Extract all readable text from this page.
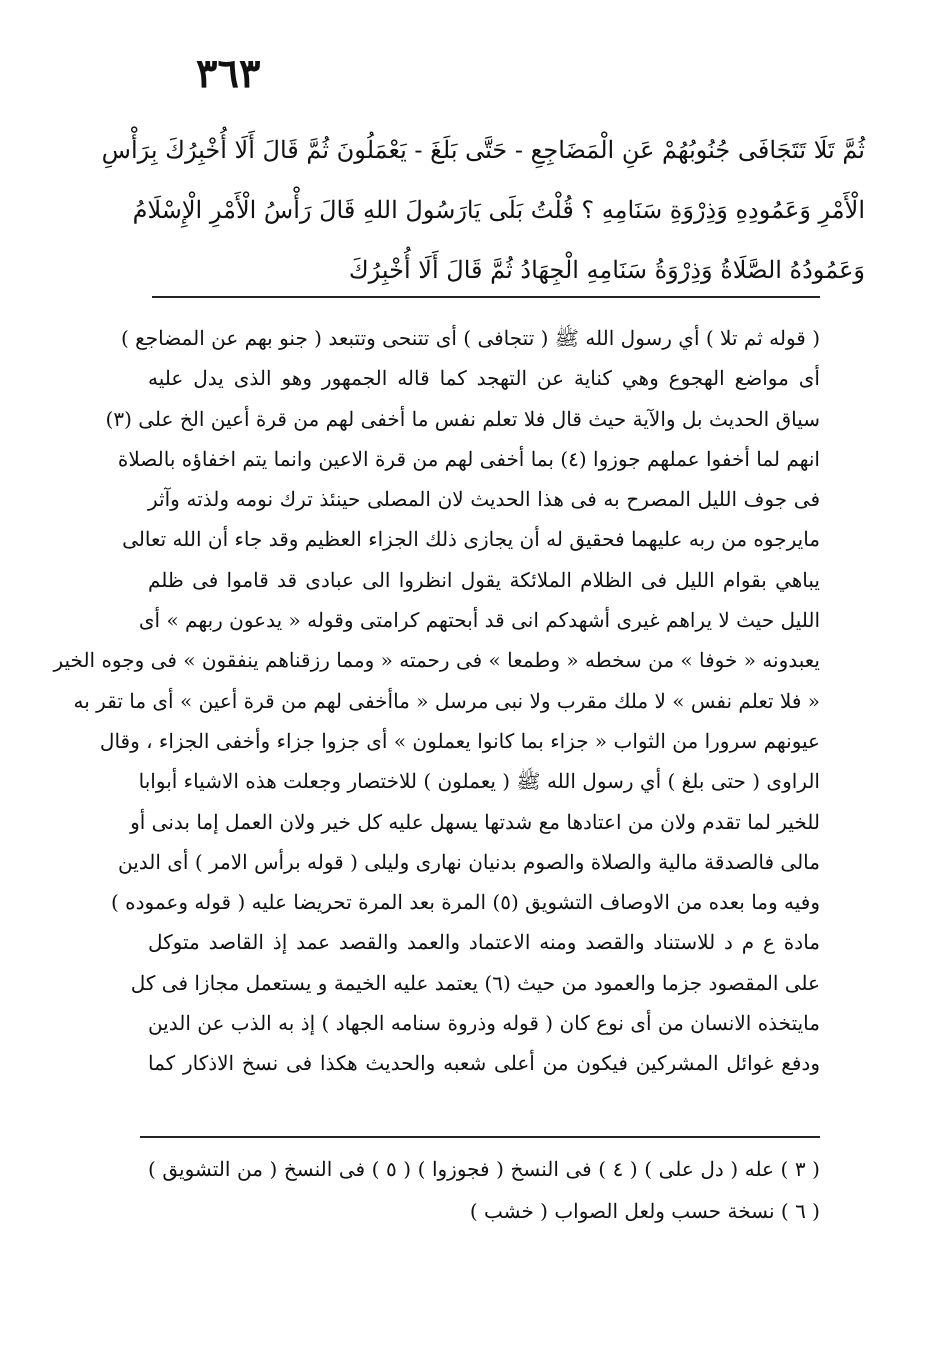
٣٦٣
ثُمَّ تَلَا تَتَجَافَى جُنُوبُهُمْ عَنِ الْمَضَاجِعِ - حَتَّى بَلَغَ - يَعْمَلُونَ ثُمَّ قَالَ أَلَا أُخْبِرُكَ بِرَأْسِ
الْأَمْرِ وَعَمُودِهِ وَذِرْوَةِ سَنَامِهِ ؟ قُلْتُ بَلَى يَارَسُولَ اللهِ قَالَ رَأْسُ الْأَمْرِ الْإِسْلَامُ
وَعَمُودُهُ الصَّلَاةُ وَذِرْوَةُ سَنَامِهِ الْجِهَادُ ثُمَّ قَالَ أَلَا أُخْبِرُكَ
( قوله ثم تلا ) أي رسول الله ﷺ ( تتجافى ) أى تتنحى وتتبعد ( جنو بهم عن المضاجع )
أى مواضع الهجوع وهي كناية عن التهجد كما قاله الجمهور وهو الذى يدل عليه
سياق الحديث بل والآية حيث قال فلا تعلم نفس ما أخفى لهم من قرة أعين الخ على (٣)
انهم لما أخفوا عملهم جوزوا (٤) بما أخفى لهم من قرة الاعين وانما يتم اخفاؤه بالصلاة
فى جوف الليل المصرح به فى هذا الحديث لان المصلى حينئذ ترك نومه ولذته وآثر
مايرجوه من ربه عليهما فحقيق له أن يجازى ذلك الجزاء العظيم وقد جاء أن الله تعالى
يباهي بقوام الليل فى الظلام الملائكة يقول انظروا الى عبادى قد قاموا فى ظلم
الليل حيث لا يراهم غيرى أشهدكم انى قد أبحتهم كرامتى وقوله « يدعون ربهم » أى
يعبدونه « خوفا » من سخطه « وطمعا » فى رحمته « ومما رزقناهم ينفقون » فى وجوه الخير
« فلا تعلم نفس » لا ملك مقرب ولا نبى مرسل « ماأخفى لهم من قرة أعين » أى ما تقر به
عيونهم سرورا من الثواب « جزاء بما كانوا يعملون » أى جزوا جزاء وأخفى الجزاء ، وقال
الراوى ( حتى بلغ ) أي رسول الله ﷺ ( يعملون ) للاختصار وجعلت هذه الاشياء أبوابا
للخير لما تقدم ولان من اعتادها مع شدتها يسهل عليه كل خير ولان العمل إما بدنى أو
مالى فالصدقة مالية والصلاة والصوم بدنيان نهارى وليلى ( قوله برأس الامر ) أى الدين
وفيه وما بعده من الاوصاف التشويق (٥) المرة بعد المرة تحريضا عليه ( قوله وعموده )
مادة ع م د للاستناد والقصد ومنه الاعتماد والعمد والقصد عمد إذ القاصد متوكل
على المقصود جزما والعمود من حيث (٦) يعتمد عليه الخيمة و يستعمل مجازا فى كل
مايتخذه الانسان من أى نوع كان ( قوله وذروة سنامه الجهاد ) إذ به الذب عن الدين
ودفع غوائل المشركين فيكون من أعلى شعبه والحديث هكذا فى نسخ الاذكار كما
( ٣ ) عله ( دل على ) ( ٤ ) فى النسخ ( فجوزوا ) ( ٥ ) فى النسخ ( من التشويق )
( ٦ ) نسخة حسب ولعل الصواب ( خشب )
